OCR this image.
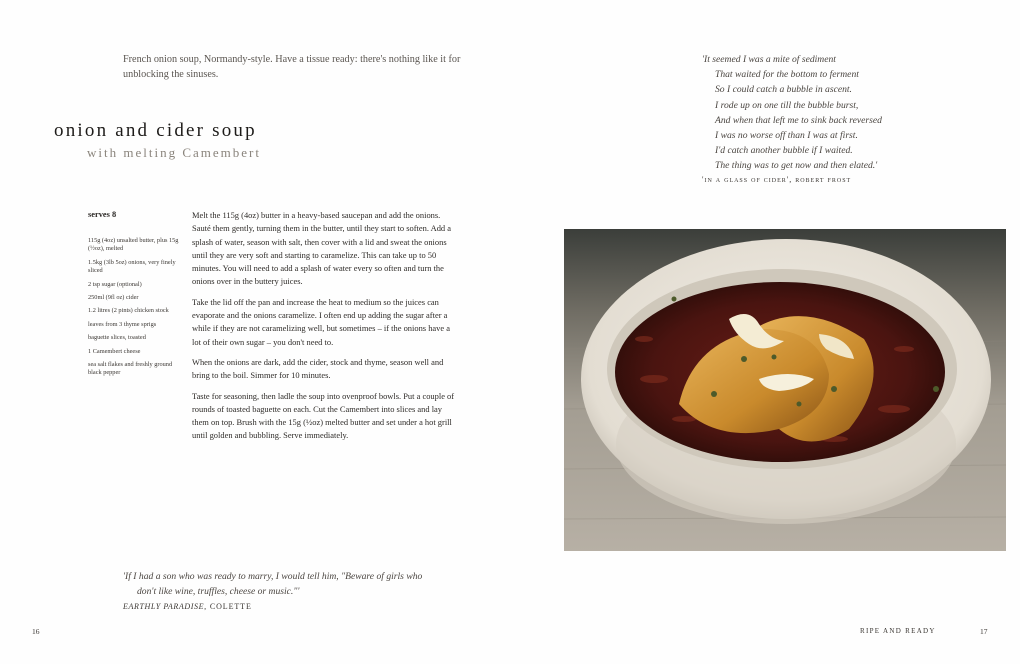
French onion soup, Normandy-style. Have a tissue ready: there's nothing like it for unblocking the sinuses.
onion and cider soup
with melting Camembert
serves 8
115g (4oz) unsalted butter, plus 15g (½oz), melted
1.5kg (3lb 5oz) onions, very finely sliced
2 tsp sugar (optional)
250ml (9fl oz) cider
1.2 litres (2 pints) chicken stock
leaves from 3 thyme sprigs
baguette slices, toasted
1 Camembert cheese
sea salt flakes and freshly ground black pepper

Melt the 115g (4oz) butter in a heavy-based saucepan and add the onions. Sauté them gently, turning them in the butter, until they start to soften. Add a splash of water, season with salt, then cover with a lid and sweat the onions until they are very soft and starting to caramelize. This can take up to 50 minutes. You will need to add a splash of water every so often and turn the onions over in the buttery juices.

Take the lid off the pan and increase the heat to medium so the juices can evaporate and the onions caramelize. I often end up adding the sugar after a while if they are not caramelizing well, but sometimes – if the onions have a lot of their own sugar – you don't need to.

When the onions are dark, add the cider, stock and thyme, season well and bring to the boil. Simmer for 10 minutes.

Taste for seasoning, then ladle the soup into ovenproof bowls. Put a couple of rounds of toasted baguette on each. Cut the Camembert into slices and lay them on top. Brush with the 15g (½oz) melted butter and set under a hot grill until golden and bubbling. Serve immediately.

'It seemed I was a mite of sediment
That waited for the bottom to ferment
So I could catch a bubble in ascent.
I rode up on one till the bubble burst,
And when that left me to sink back reversed
I was no worse off than I was at first.
I'd catch another bubble if I waited.
The thing was to get now and then elated.'
'in a glass of cider', robert frost
'If I had a son who was ready to marry, I would tell him, "Beware of girls who
don't like wine, truffles, cheese or music."'
EARTHLY PARADISE, COLETTE
16	RIPE AND READY	17
